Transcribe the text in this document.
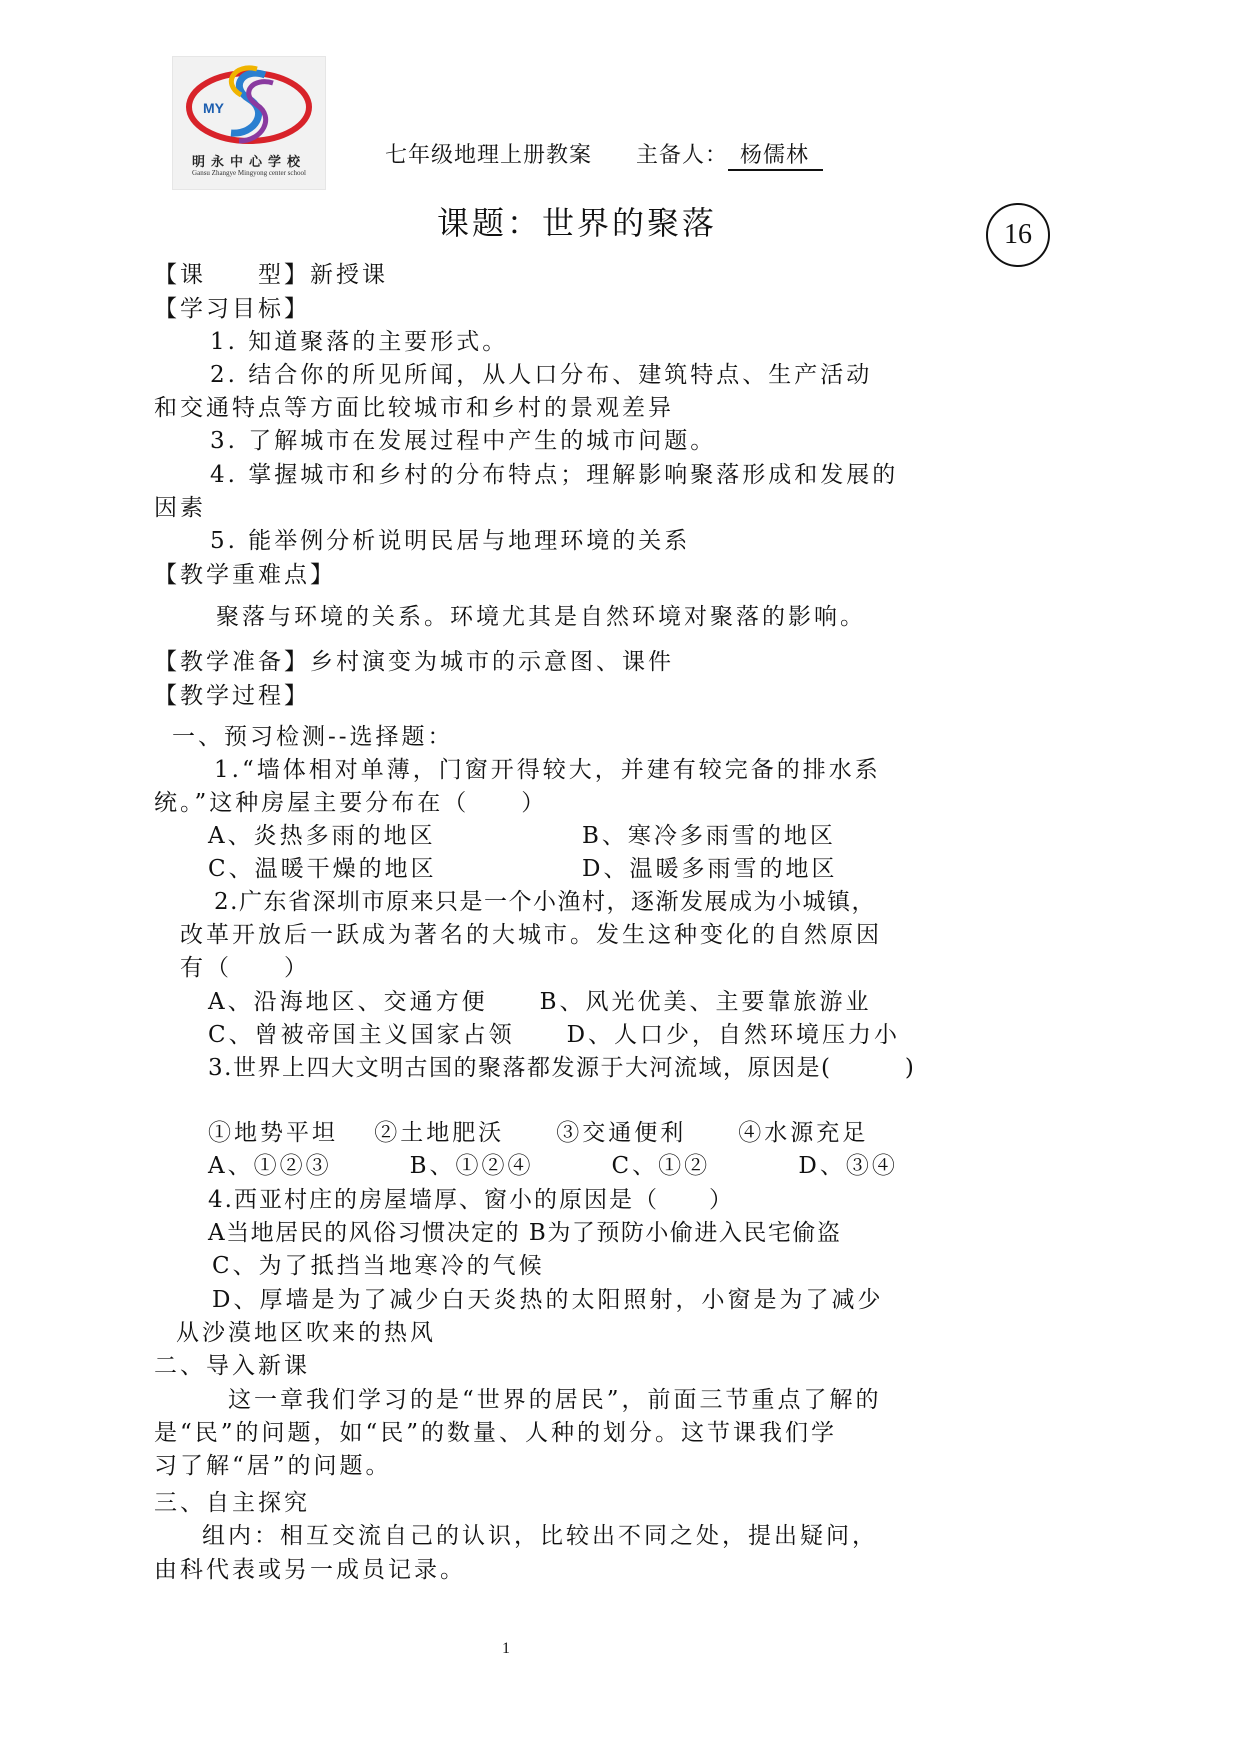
MY
明永中心学校
Gansu Zhangye Mingyong center school
七年级地理上册教案 主备人： 杨儒林
课题：世界的聚落	16
【课　　型】新授课
【学习目标】
1. 知道聚落的主要形式。
2. 结合你的所见所闻，从人口分布、建筑特点、生产活动
和交通特点等方面比较城市和乡村的景观差异
3. 了解城市在发展过程中产生的城市问题。
4. 掌握城市和乡村的分布特点；理解影响聚落形成和发展的
因素
5. 能举例分析说明民居与地理环境的关系
【教学重难点】
聚落与环境的关系。环境尤其是自然环境对聚落的影响。
【教学准备】乡村演变为城市的示意图、课件
【教学过程】
一、预习检测--选择题：
1.“墙体相对单薄，门窗开得较大，并建有较完备的排水系
统。”这种房屋主要分布在（　　）
A、炎热多雨的地区	B、寒冷多雨雪的地区
C、温暖干燥的地区	D、温暖多雨雪的地区
2.广东省深圳市原来只是一个小渔村，逐渐发展成为小城镇，
改革开放后一跃成为著名的大城市。发生这种变化的自然原因
有（　　）
A、沿海地区、交通方便　　B、风光优美、主要靠旅游业
C、曾被帝国主义国家占领　　D、人口少，自然环境压力小
3.世界上四大文明古国的聚落都发源于大河流域，原因是(　　　)
①地势平坦　 ②土地肥沃　　③交通便利　　④水源充足
A、①②③　　　B、①②④　　　C、①②　　　 D、③④
4.西亚村庄的房屋墙厚、窗小的原因是（　　）
A当地居民的风俗习惯决定的 B为了预防小偷进入民宅偷盗
C、为了抵挡当地寒冷的气候
D、厚墙是为了减少白天炎热的太阳照射，小窗是为了减少
从沙漠地区吹来的热风
二、导入新课
这一章我们学习的是“世界的居民”，前面三节重点了解的
是“民”的问题，如“民”的数量、人种的划分。这节课我们学
习了解“居”的问题。
三、自主探究
组内：相互交流自己的认识，比较出不同之处，提出疑问，
由科代表或另一成员记录。
1
